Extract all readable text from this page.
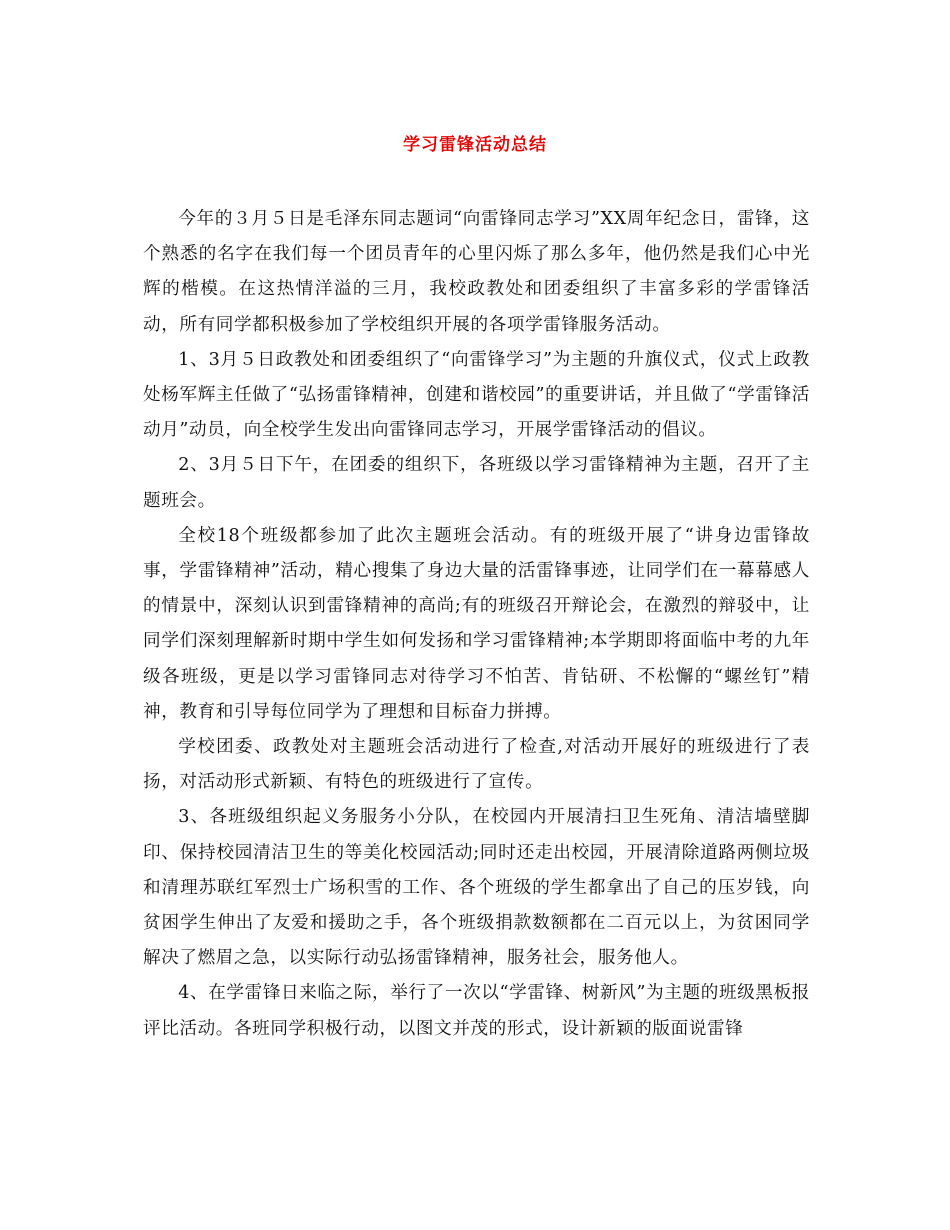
学习雷锋活动总结

今年的３月５日是毛泽东同志题词“向雷锋同志学习”XX周年纪念日，雷锋，这个熟悉的名字在我们每一个团员青年的心里闪烁了那么多年，他仍然是我们心中光辉的楷模。在这热情洋溢的三月，我校政教处和团委组织了丰富多彩的学雷锋活动，所有同学都积极参加了学校组织开展的各项学雷锋服务活动。

1、3月５日政教处和团委组织了“向雷锋学习”为主题的升旗仪式，仪式上政教处杨军辉主任做了“弘扬雷锋精神，创建和谐校园”的重要讲话，并且做了“学雷锋活动月”动员，向全校学生发出向雷锋同志学习，开展学雷锋活动的倡议。

2、3月５日下午，在团委的组织下，各班级以学习雷锋精神为主题，召开了主题班会。

全校18个班级都参加了此次主题班会活动。有的班级开展了“讲身边雷锋故事，学雷锋精神”活动，精心搜集了身边大量的活雷锋事迹，让同学们在一幕幕感人的情景中，深刻认识到雷锋精神的高尚;有的班级召开辩论会，在激烈的辩驳中，让同学们深刻理解新时期中学生如何发扬和学习雷锋精神;本学期即将面临中考的九年级各班级，更是以学习雷锋同志对待学习不怕苦、肯钻研、不松懈的“螺丝钉”精神，教育和引导每位同学为了理想和目标奋力拼搏。

学校团委、政教处对主题班会活动进行了检查,对活动开展好的班级进行了表扬，对活动形式新颖、有特色的班级进行了宣传。

3、各班级组织起义务服务小分队，在校园内开展清扫卫生死角、清洁墙壁脚印、保持校园清洁卫生的等美化校园活动;同时还走出校园，开展清除道路两侧垃圾和清理苏联红军烈士广场积雪的工作、各个班级的学生都拿出了自己的压岁钱，向贫困学生伸出了友爱和援助之手，各个班级捐款数额都在二百元以上，为贫困同学解决了燃眉之急，以实际行动弘扬雷锋精神，服务社会，服务他人。

4、在学雷锋日来临之际，举行了一次以“学雷锋、树新风”为主题的班级黑板报评比活动。各班同学积极行动，以图文并茂的形式，设计新颖的版面说雷锋
